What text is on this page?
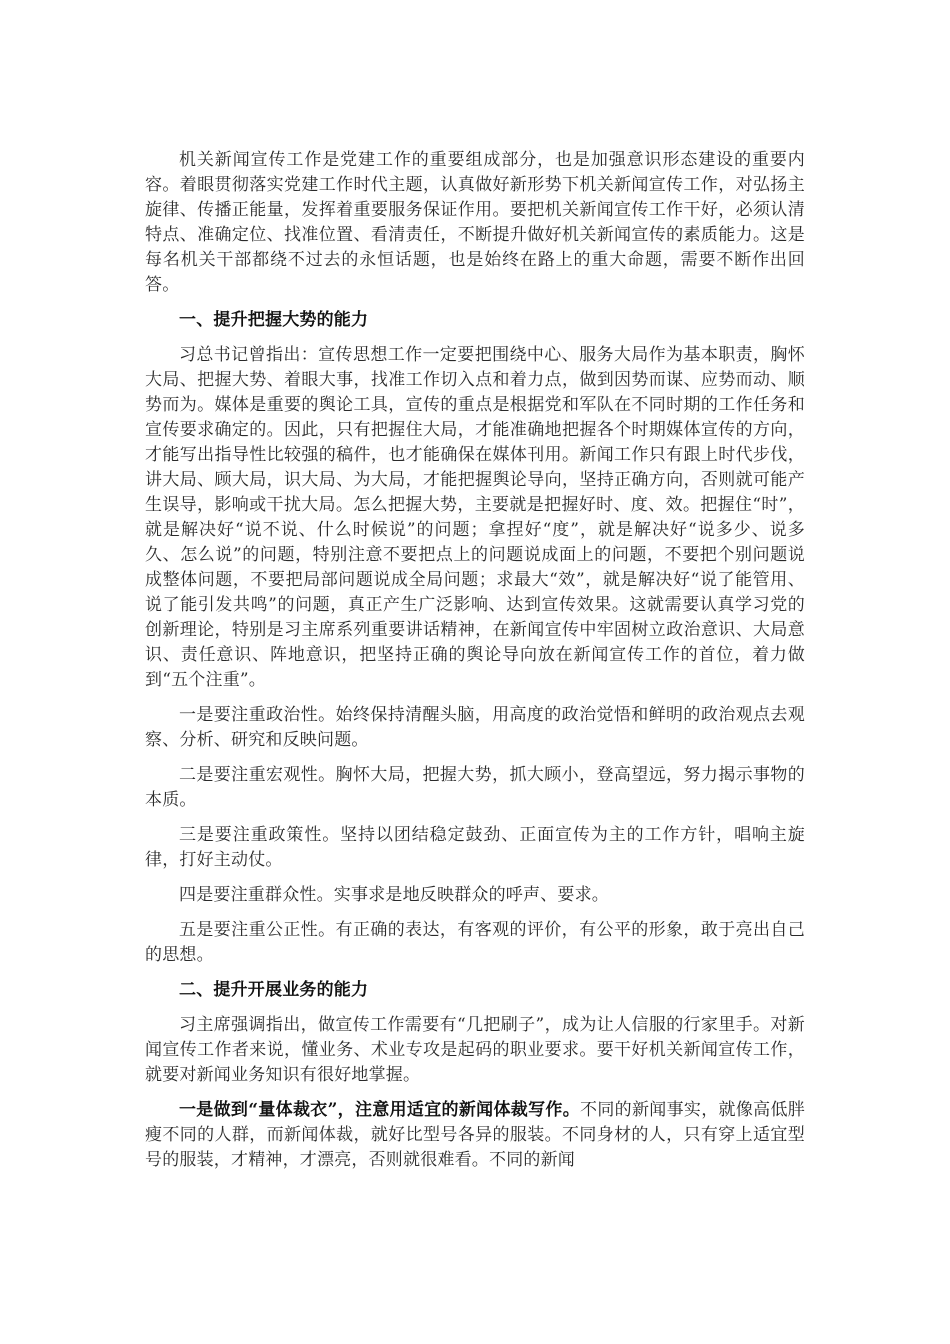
机关新闻宣传工作是党建工作的重要组成部分，也是加强意识形态建设的重要内容。着眼贯彻落实党建工作时代主题，认真做好新形势下机关新闻宣传工作，对弘扬主旋律、传播正能量，发挥着重要服务保证作用。要把机关新闻宣传工作干好，必须认清特点、准确定位、找准位置、看清责任，不断提升做好机关新闻宣传的素质能力。这是每名机关干部都绕不过去的永恒话题，也是始终在路上的重大命题，需要不断作出回答。

一、提升把握大势的能力

习总书记曾指出：宣传思想工作一定要把围绕中心、服务大局作为基本职责，胸怀大局、把握大势、着眼大事，找准工作切入点和着力点，做到因势而谋、应势而动、顺势而为。媒体是重要的舆论工具，宣传的重点是根据党和军队在不同时期的工作任务和宣传要求确定的。因此，只有把握住大局，才能准确地把握各个时期媒体宣传的方向，才能写出指导性比较强的稿件，也才能确保在媒体刊用。新闻工作只有跟上时代步伐，讲大局、顾大局，识大局、为大局，才能把握舆论导向，坚持正确方向，否则就可能产生误导，影响或干扰大局。怎么把握大势，主要就是把握好时、度、效。把握住“时”，就是解决好“说不说、什么时候说”的问题；拿捏好“度”，就是解决好“说多少、说多久、怎么说”的问题，特别注意不要把点上的问题说成面上的问题，不要把个别问题说成整体问题，不要把局部问题说成全局问题；求最大“效”，就是解决好“说了能管用、说了能引发共鸣”的问题，真正产生广泛影响、达到宣传效果。这就需要认真学习党的创新理论，特别是习主席系列重要讲话精神，在新闻宣传中牢固树立政治意识、大局意识、责任意识、阵地意识，把坚持正确的舆论导向放在新闻宣传工作的首位，着力做到“五个注重”。

一是要注重政治性。始终保持清醒头脑，用高度的政治觉悟和鲜明的政治观点去观察、分析、研究和反映问题。

二是要注重宏观性。胸怀大局，把握大势，抓大顾小，登高望远，努力揭示事物的本质。

三是要注重政策性。坚持以团结稳定鼓劲、正面宣传为主的工作方针，唱响主旋律，打好主动仗。

四是要注重群众性。实事求是地反映群众的呼声、要求。

五是要注重公正性。有正确的表达，有客观的评价，有公平的形象，敢于亮出自己的思想。

二、提升开展业务的能力

习主席强调指出，做宣传工作需要有“几把刷子”，成为让人信服的行家里手。对新闻宣传工作者来说，懂业务、术业专攻是起码的职业要求。要干好机关新闻宣传工作，就要对新闻业务知识有很好地掌握。

一是做到“量体裁衣”，注意用适宜的新闻体裁写作。不同的新闻事实，就像高低胖瘦不同的人群，而新闻体裁，就好比型号各异的服装。不同身材的人，只有穿上适宜型号的服装，才精神，才漂亮，否则就很难看。不同的新闻
